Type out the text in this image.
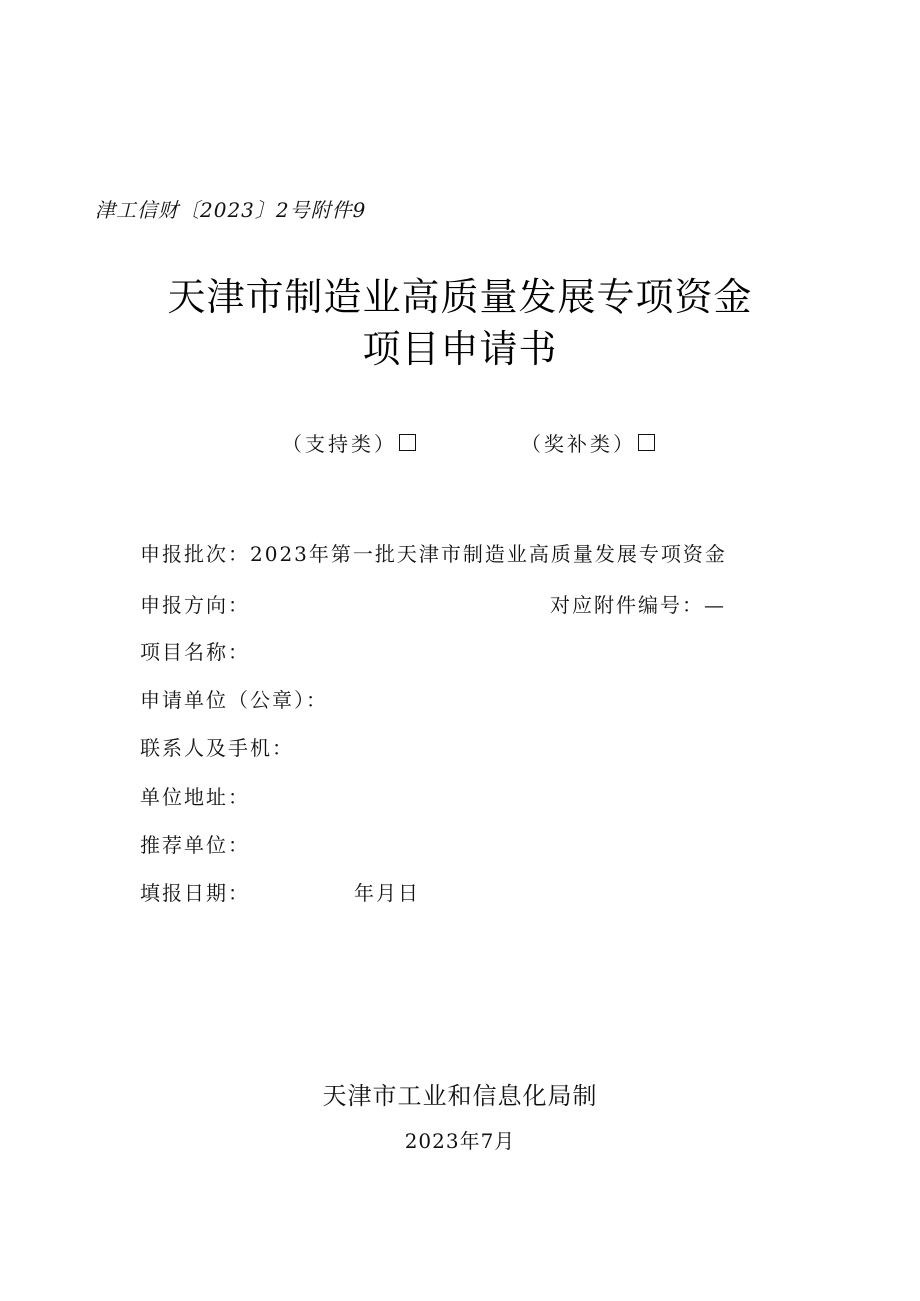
津工信财〔2023〕2号附件9
天津市制造业高质量发展专项资金
项目申请书
（支持类）	（奖补类）
申报批次：2023年第一批天津市制造业高质量发展专项资金
申报方向：	对应附件编号：—
项目名称：
申请单位（公章）：
联系人及手机：
单位地址：
推荐单位：
填报日期：	年月日
天津市工业和信息化局制
2023年7月
